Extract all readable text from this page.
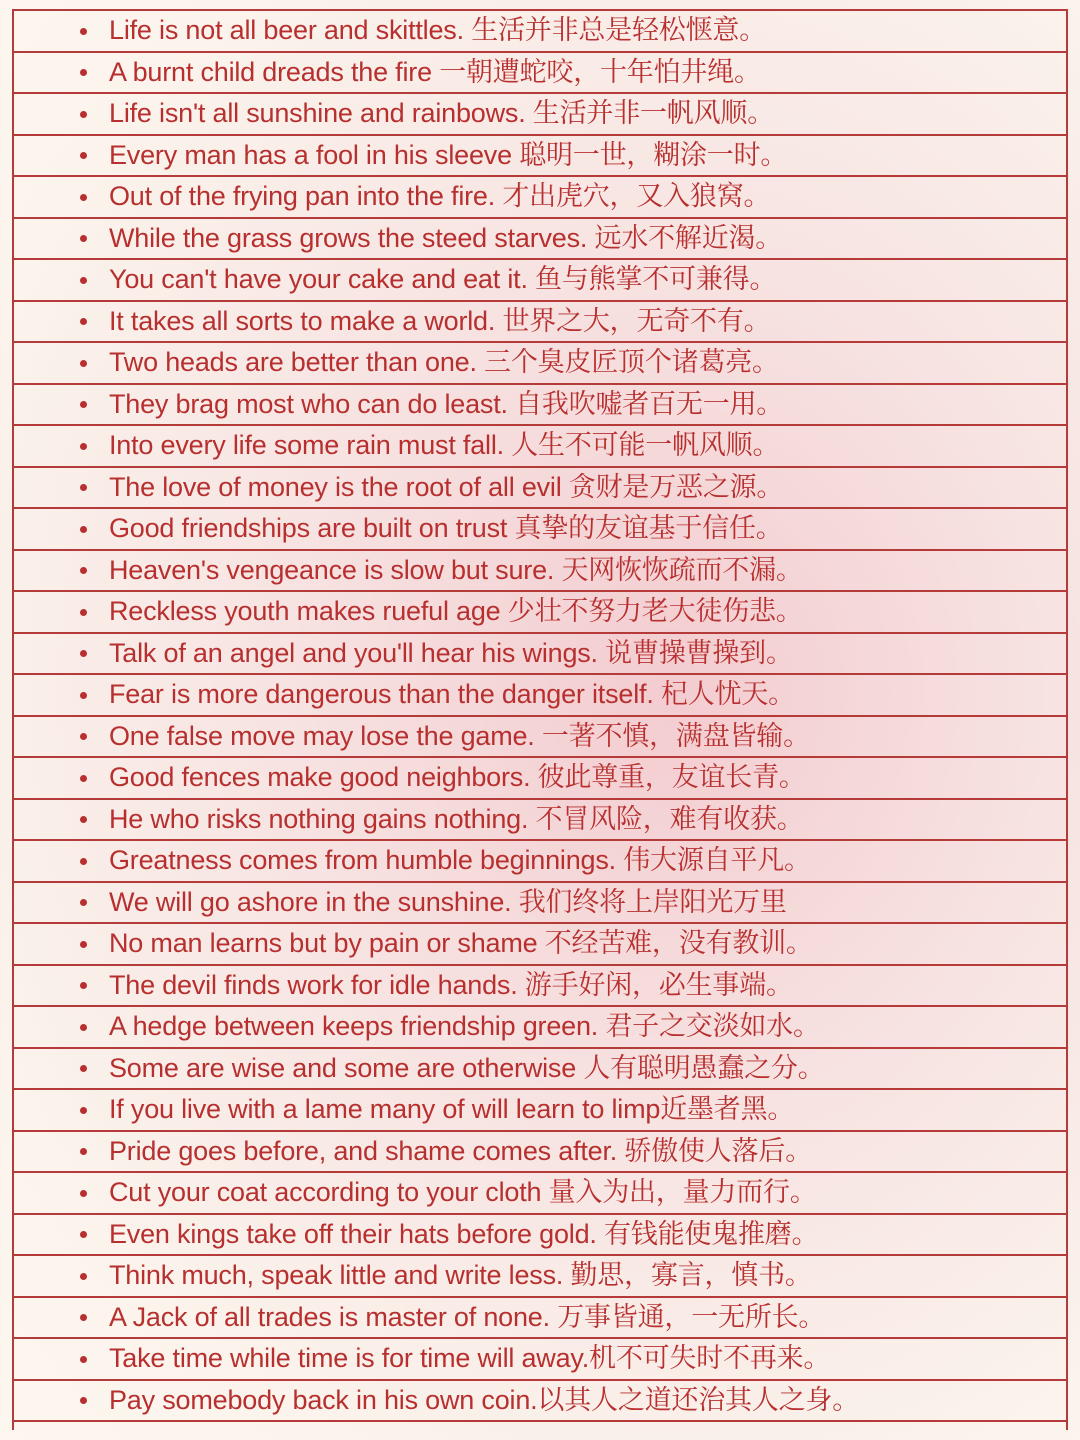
Life is not all beer and skittles. 生活并非总是轻松惬意。
A burnt child dreads the fire 一朝遭蛇咬，十年怕井绳。
Life isn't all sunshine and rainbows. 生活并非一帆风顺。
Every man has a fool in his sleeve 聪明一世，糊涂一时。
Out of the frying pan into the fire. 才出虎穴，又入狼窝。
While the grass grows the steed starves. 远水不解近渴。
You can't have your cake and eat it. 鱼与熊掌不可兼得。
It takes all sorts to make a world. 世界之大，无奇不有。
Two heads are better than one. 三个臭皮匠顶个诸葛亮。
They brag most who can do least. 自我吹嘘者百无一用。
Into every life some rain must fall. 人生不可能一帆风顺。
The love of money is the root of all evil 贪财是万恶之源。
Good friendships are built on trust 真挚的友谊基于信任。
Heaven's vengeance is slow but sure. 天网恢恢疏而不漏。
Reckless youth makes rueful age 少壮不努力老大徒伤悲。
Talk of an angel and you'll hear his wings. 说曹操曹操到。
Fear is more dangerous than the danger itself. 杞人忧天。
One false move may lose the game. 一著不慎，满盘皆输。
Good fences make good neighbors. 彼此尊重，友谊长青。
He who risks nothing gains nothing. 不冒风险，难有收获。
Greatness comes from humble beginnings. 伟大源自平凡。
We will go ashore in the sunshine. 我们终将上岸阳光万里
No man learns but by pain or shame 不经苦难，没有教训。
The devil finds work for idle hands. 游手好闲，必生事端。
A hedge between keeps friendship green. 君子之交淡如水。
Some are wise and some are otherwise 人有聪明愚蠢之分。
If you live with a lame many of will learn to limp近墨者黑。
Pride goes before, and shame comes after. 骄傲使人落后。
Cut your coat according to your cloth 量入为出，量力而行。
Even kings take off their hats before gold. 有钱能使鬼推磨。
Think much, speak little and write less. 勤思，寡言，慎书。
A Jack of all trades is master of none. 万事皆通，一无所长。
Take time while time is for time will away.机不可失时不再来。
Pay somebody back in his own coin.以其人之道还治其人之身。
